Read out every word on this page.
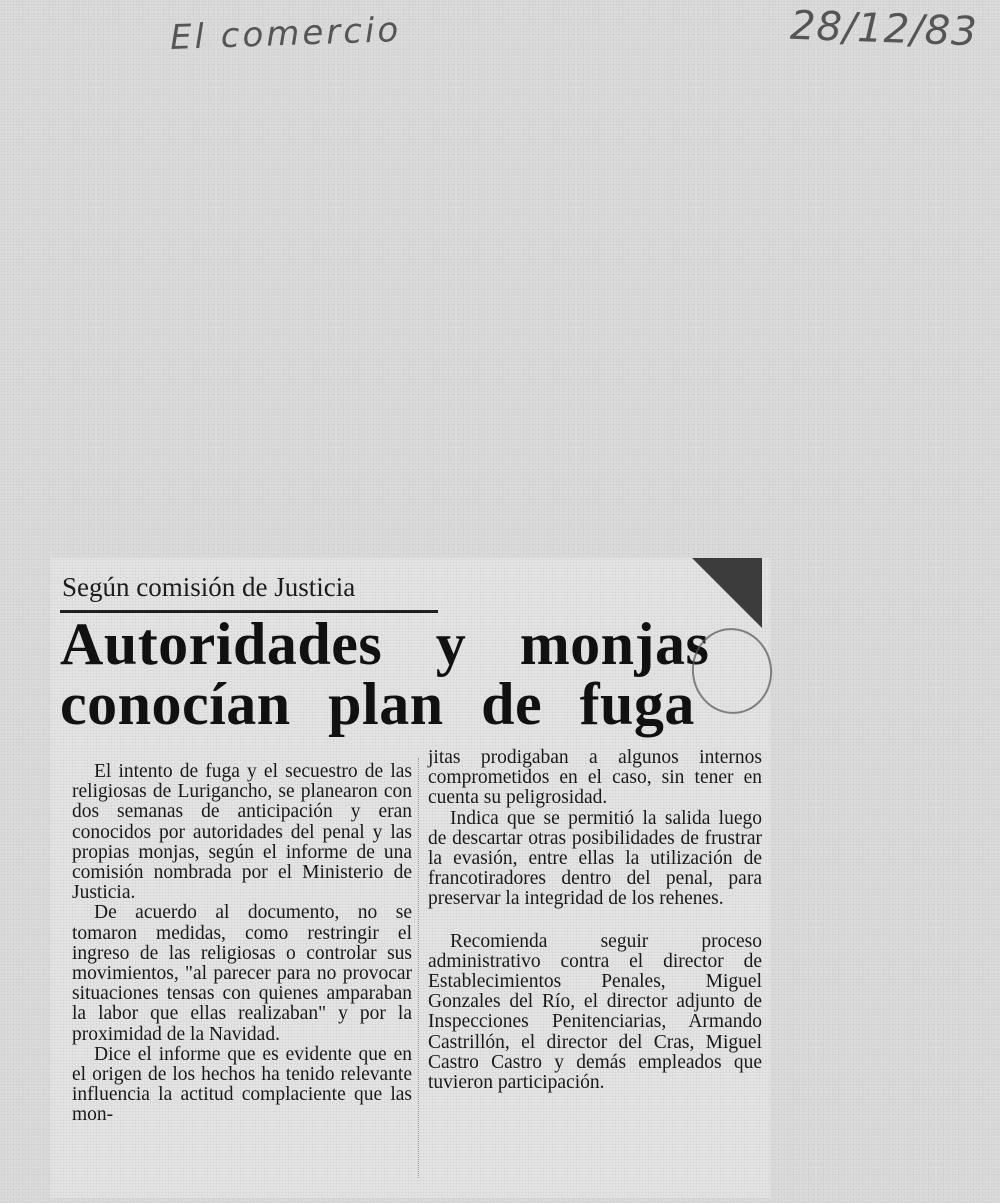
El comercio	28/12/83
Según comisión de Justicia
Autoridades y monjas
conocían plan de fuga

El intento de fuga y el secuestro de las religiosas de Lurigancho, se planearon con dos semanas de anticipación y eran conocidos por autoridades del penal y las propias monjas, según el informe de una comisión nombrada por el Ministerio de Justicia.

De acuerdo al documento, no se tomaron medidas, como restringir el ingreso de las religiosas o controlar sus movimientos, "al parecer para no provocar situaciones tensas con quienes amparaban la labor que ellas realizaban" y por la proximidad de la Navidad.

Dice el informe que es evidente que en el origen de los hechos ha tenido relevante influencia la actitud complaciente que las mon-

jitas prodigaban a algunos internos comprometidos en el caso, sin tener en cuenta su peligrosidad.

Indica que se permitió la salida luego de descartar otras posibilidades de frustrar la evasión, entre ellas la utilización de francotiradores dentro del penal, para preservar la integridad de los rehenes.

Recomienda seguir proceso administrativo contra el director de Establecimientos Penales, Miguel Gonzales del Río, el director adjunto de Inspecciones Penitenciarias, Armando Castrillón, el director del Cras, Miguel Castro Castro y demás empleados que tuvieron participación.
